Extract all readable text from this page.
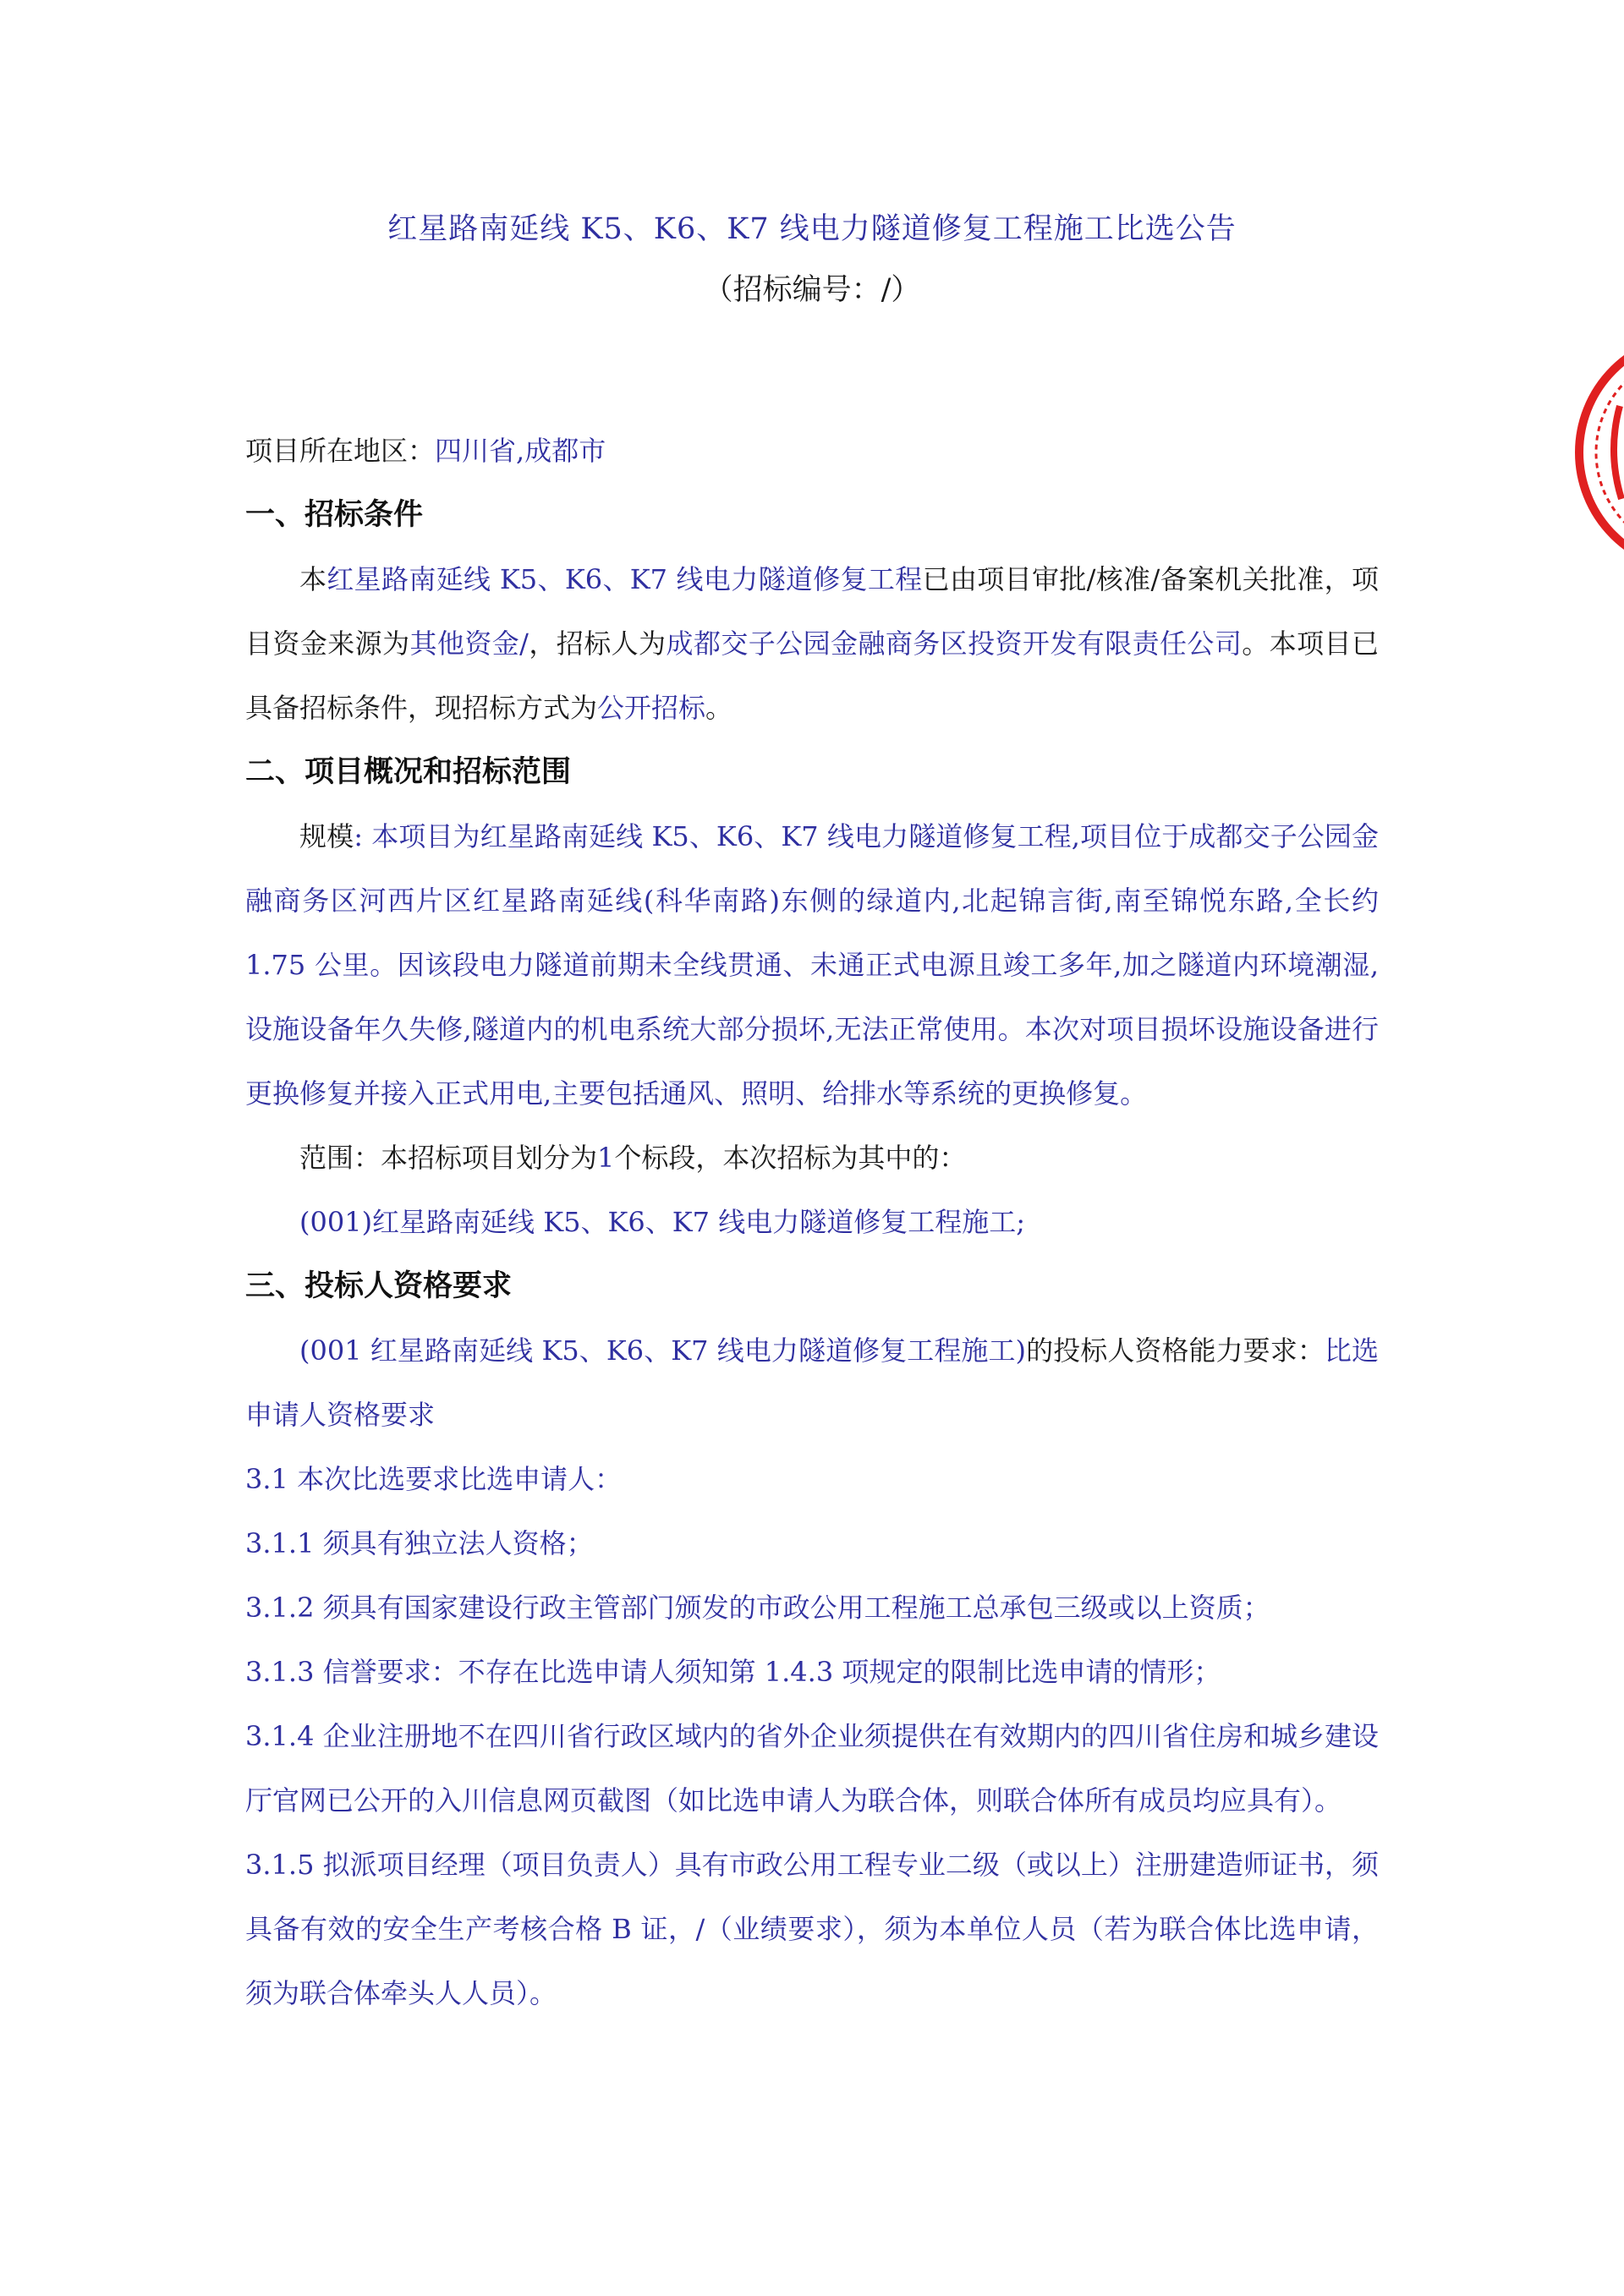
红星路南延线 K5、K6、K7 线电力隧道修复工程施工比选公告
（招标编号：/）
项目所在地区：四川省,成都市
一、招标条件
本红星路南延线 K5、K6、K7 线电力隧道修复工程已由项目审批/核准/备案机关批准，项目资金来源为其他资金/，招标人为成都交子公园金融商务区投资开发有限责任公司。本项目已具备招标条件，现招标方式为公开招标。
二、项目概况和招标范围
规模: 本项目为红星路南延线 K5、K6、K7 线电力隧道修复工程,项目位于成都交子公园金融商务区河西片区红星路南延线(科华南路)东侧的绿道内,北起锦言街,南至锦悦东路,全长约 1.75 公里。因该段电力隧道前期未全线贯通、未通正式电源且竣工多年,加之隧道内环境潮湿,设施设备年久失修,隧道内的机电系统大部分损坏,无法正常使用。本次对项目损坏设施设备进行更换修复并接入正式用电,主要包括通风、照明、给排水等系统的更换修复。
范围：本招标项目划分为1个标段，本次招标为其中的：
(001)红星路南延线 K5、K6、K7 线电力隧道修复工程施工;
三、投标人资格要求
(001 红星路南延线 K5、K6、K7 线电力隧道修复工程施工)的投标人资格能力要求：比选申请人资格要求
3.1 本次比选要求比选申请人：
3.1.1 须具有独立法人资格；
3.1.2 须具有国家建设行政主管部门颁发的市政公用工程施工总承包三级或以上资质；
3.1.3 信誉要求：不存在比选申请人须知第 1.4.3 项规定的限制比选申请的情形；
3.1.4 企业注册地不在四川省行政区域内的省外企业须提供在有效期内的四川省住房和城乡建设厅官网已公开的入川信息网页截图（如比选申请人为联合体，则联合体所有成员均应具有）。
3.1.5 拟派项目经理（项目负责人）具有市政公用工程专业二级（或以上）注册建造师证书，须具备有效的安全生产考核合格 B 证，/（业绩要求），须为本单位人员（若为联合体比选申请，须为联合体牵头人人员）。
